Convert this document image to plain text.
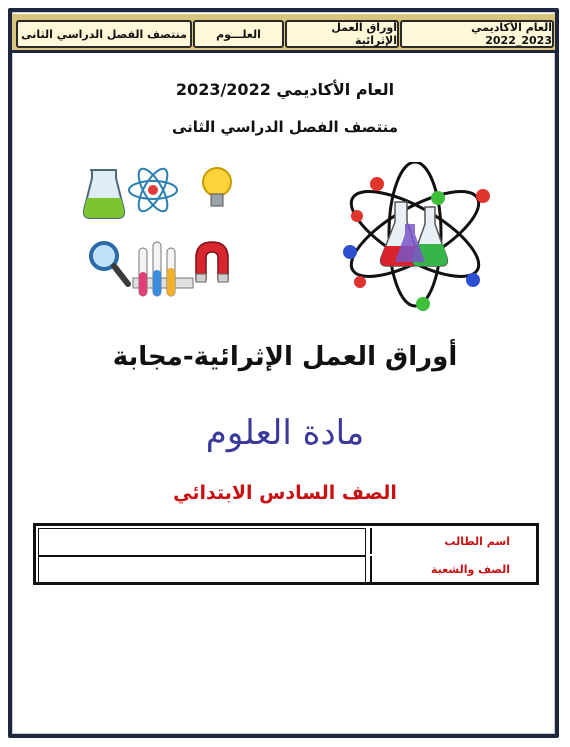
العام الأكاديمي 2023_2022
أوراق العمل الإثرائية
العلـــوم
منتصف الفصل الدراسي الثانى
العام الأكاديمي 2023/2022
منتصف الفصل الدراسي الثانى
أوراق العمل الإثرائية-مجابة
مادة العلوم
الصف السادس الابتدائي
اسم الطالب
الصف والشعبة
